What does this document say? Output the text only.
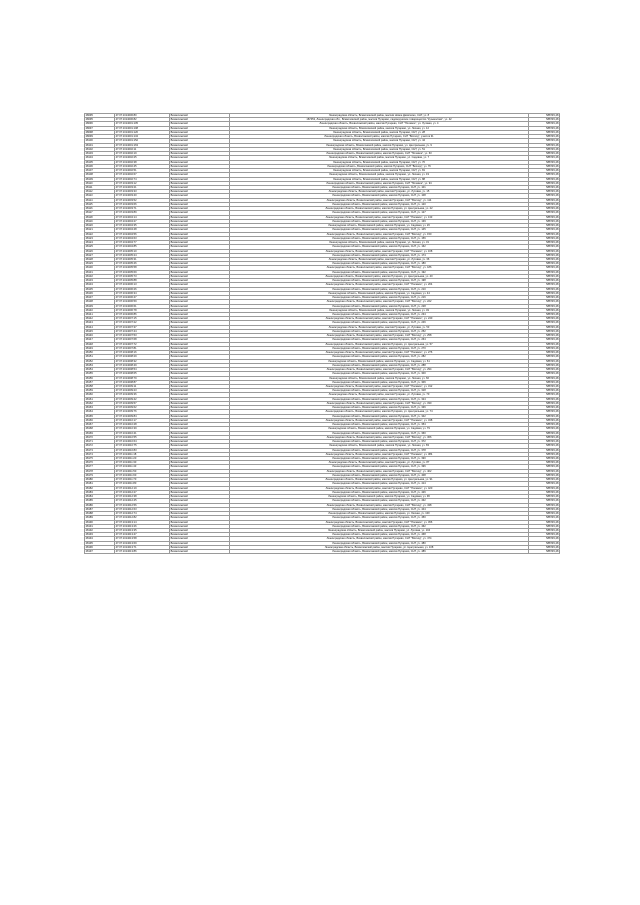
28095	47:07:1014006:80	Всеволожский	Ленинградская область, Всеволожский район, массив Новое Девяткино, СНТ, уч. 8	588745,48
28095	47:07:1014006:82	Всеволожский	187453, Ленинградская обл., Всеволожский район, массив Пугарево, садоводческое товарищество "Кузьмолово", уч. 42	588745,48
28096	47:07:1014001:105	Всеволожский	Ленинградская область, Всеволожский район, массив Пугарево, СНТ "Полевое", ул. Луговая, уч. 4	588745,48
28097	47:07:1014001:108	Всеволожский	Ленинградская область, Всеволожский район, массив Пугарево, ул. Лесная, уч. 12	588745,48
28098	47:07:1014001:120	Всеволожский	Ленинградская область, Всеволожский район, массив Пугарево, СНТ, уч. 28	588745,48
28099	47:07:1014001:134	Всеволожский	Ленинградская область, Всеволожский район, массив Пугарево, СНТ "Восход", участок 31	588745,48
28100	47:07:1014001:152	Всеволожский	Ленинградская область, Всеволожский район, массив Пугарево, СНТ, уч. 44	588745,48
28101	47:07:1014001:163	Всеволожский	Ленинградская область, Всеволожский район, массив Пугарево, ул. Центральная, уч. 9	588745,48
28102	47:07:1014002:11	Всеволожский	Ленинградская область, Всеволожский район, массив Пугарево, СНТ, уч. 51	588745,48
28103	47:07:1014002:19	Всеволожский	Ленинградская область, Всеволожский район, массив Пугарево, СНТ "Полевое", уч. 63	588745,48
28104	47:07:1014002:25	Всеволожский	Ленинградская область, Всеволожский район, массив Пугарево, ул. Садовая, уч. 7	588745,48
28105	47:07:1014002:38	Всеволожский	Ленинградская область, Всеволожский район, массив Пугарево, СНТ, уч. 70	588745,48
28106	47:07:1014002:45	Всеволожский	Ленинградская область, Всеволожский район, массив Пугарево, СНТ "Восход", уч. 76	588745,48
28107	47:07:1014002:51	Всеволожский	Ленинградская область, Всеволожский район, массив Пугарево, СНТ, уч. 81	588745,48
28108	47:07:1014002:67	Всеволожский	Ленинградская область, Всеволожский район, массив Пугарево, ул. Лесная, уч. 19	588745,48
28109	47:07:1014002:74	Всеволожский	Ленинградская область, Всеволожский район, массив Пугарево, СНТ, уч. 88	588745,48
28110	47:07:1014003:12	Всеволожский	Ленинградская область, Всеволожский район, массив Пугарево, СНТ "Полевое", уч. 94	588745,48
28111	47:07:1014003:21	Всеволожский	Ленинградская область, Всеволожский район, массив Пугарево, СНТ, уч. 101	588745,48
28112	47:07:1014003:33	Всеволожский	Ленинградская область, Всеволожский район, массив Пугарево, ул. Луговая, уч. 15	588745,48
28113	47:07:1014003:40	Всеволожский	Ленинградская область, Всеволожский район, массив Пугарево, СНТ, уч. 108	588745,48
28114	47:07:1014003:52	Всеволожский	Ленинградская область, Всеволожский район, массив Пугарево, СНТ "Восход", уч. 114	588745,48
28115	47:07:1014003:66	Всеволожский	Ленинградская область, Всеволожский район, массив Пугарево, СНТ, уч. 120	588745,48
28116	47:07:1014003:71	Всеволожский	Ленинградская область, Всеволожский район, массив Пугарево, ул. Центральная, уч. 22	588745,48
28117	47:07:1014003:89	Всеволожский	Ленинградская область, Всеволожский район, массив Пугарево, СНТ, уч. 127	588745,48
28118	47:07:1014004:14	Всеволожский	Ленинградская область, Всеволожский район, массив Пугарево, СНТ "Полевое", уч. 133	588745,48
28119	47:07:1014004:27	Всеволожский	Ленинградская область, Всеволожский район, массив Пугарево, СНТ, уч. 139	588745,48
28120	47:07:1014004:35	Всеволожский	Ленинградская область, Всеволожский район, массив Пугарево, ул. Садовая, уч. 26	588745,48
28121	47:07:1014004:48	Всеволожский	Ленинградская область, Всеволожский район, массив Пугарево, СНТ, уч. 145	588745,48
28122	47:07:1014004:56	Всеволожский	Ленинградская область, Всеволожский район, массив Пугарево, СНТ "Восход", уч. 150	588745,48
28123	47:07:1014004:63	Всеволожский	Ленинградская область, Всеволожский район, массив Пугарево, СНТ, уч. 156	588745,48
28124	47:07:1014004:77	Всеволожский	Ленинградская область, Всеволожский район, массив Пугарево, ул. Лесная, уч. 31	588745,48
28125	47:07:1014004:85	Всеволожский	Ленинградская область, Всеволожский район, массив Пугарево, СНТ, уч. 162	588745,48
28126	47:07:1014005:10	Всеволожский	Ленинградская область, Всеволожский район, массив Пугарево, СНТ "Полевое", уч. 168	588745,48
28127	47:07:1014005:24	Всеволожский	Ленинградская область, Всеволожский район, массив Пугарево, СНТ, уч. 174	588745,48
28128	47:07:1014005:31	Всеволожский	Ленинградская область, Всеволожский район, массив Пугарево, ул. Луговая, уч. 36	588745,48
28129	47:07:1014005:46	Всеволожский	Ленинградская область, Всеволожский район, массив Пугарево, СНТ, уч. 180	588745,48
28130	47:07:1014005:58	Всеволожский	Ленинградская область, Всеволожский район, массив Пугарево, СНТ "Восход", уч. 186	588745,48
28131	47:07:1014005:69	Всеволожский	Ленинградская область, Всеволожский район, массив Пугарево, СНТ, уч. 192	588745,48
28132	47:07:1014005:73	Всеволожский	Ленинградская область, Всеволожский район, массив Пугарево, ул. Центральная, уч. 40	588745,48
28133	47:07:1014005:88	Всеволожский	Ленинградская область, Всеволожский район, массив Пугарево, СНТ, уч. 198	588745,48
28134	47:07:1014006:13	Всеволожский	Ленинградская область, Всеволожский район, массив Пугарево, СНТ "Полевое", уч. 204	588745,48
28135	47:07:1014006:26	Всеволожский	Ленинградская область, Всеволожский район, массив Пугарево, СНТ, уч. 210	588745,48
28136	47:07:1014006:34	Всеволожский	Ленинградская область, Всеволожский район, массив Пугарево, ул. Садовая, уч. 44	588745,48
28137	47:07:1014006:47	Всеволожский	Ленинградская область, Всеволожский район, массив Пугарево, СНТ, уч. 216	588745,48
28138	47:07:1014006:59	Всеволожский	Ленинградская область, Всеволожский район, массив Пугарево, СНТ "Восход", уч. 222	588745,48
28139	47:07:1014006:61	Всеволожский	Ленинградская область, Всеволожский район, массив Пугарево, СНТ, уч. 228	588745,48
28140	47:07:1014006:78	Всеволожский	Ленинградская область, Всеволожский район, массив Пугарево, ул. Лесная, уч. 49	588745,48
28141	47:07:1014006:86	Всеволожский	Ленинградская область, Всеволожский район, массив Пугарево, СНТ, уч. 234	588745,48
28142	47:07:1014007:15	Всеволожский	Ленинградская область, Всеволожский район, массив Пугарево, СНТ "Полевое", уч. 240	588745,48
28143	47:07:1014007:22	Всеволожский	Ленинградская область, Всеволожский район, массив Пугарево, СНТ, уч. 246	588745,48
28144	47:07:1014007:37	Всеволожский	Ленинградская область, Всеволожский район, массив Пугарево, ул. Луговая, уч. 53	588745,48
28145	47:07:1014007:44	Всеволожский	Ленинградская область, Всеволожский район, массив Пугарево, СНТ, уч. 252	588745,48
28146	47:07:1014007:53	Всеволожский	Ленинградская область, Всеволожский район, массив Пугарево, СНТ "Восход", уч. 258	588745,48
28147	47:07:1014007:68	Всеволожский	Ленинградская область, Всеволожский район, массив Пугарево, СНТ, уч. 264	588745,48
28148	47:07:1014007:72	Всеволожский	Ленинградская область, Всеволожский район, массив Пугарево, ул. Центральная, уч. 57	588745,48
28149	47:07:1014007:81	Всеволожский	Ленинградская область, Всеволожский район, массив Пугарево, СНТ, уч. 270	588745,48
28150	47:07:1014008:16	Всеволожский	Ленинградская область, Всеволожский район, массив Пугарево, СНТ "Полевое", уч. 276	588745,48
28151	47:07:1014008:29	Всеволожский	Ленинградская область, Всеволожский район, массив Пугарево, СНТ, уч. 282	588745,48
28152	47:07:1014008:32	Всеволожский	Ленинградская область, Всеволожский район, массив Пугарево, ул. Садовая, уч. 61	588745,48
28153	47:07:1014008:49	Всеволожский	Ленинградская область, Всеволожский район, массив Пугарево, СНТ, уч. 288	588745,48
28154	47:07:1014008:54	Всеволожский	Ленинградская область, Всеволожский район, массив Пугарево, СНТ "Восход", уч. 294	588745,48
28155	47:07:1014008:65	Всеволожский	Ленинградская область, Всеволожский район, массив Пугарево, СНТ, уч. 300	588745,48
28156	47:07:1014008:79	Всеволожский	Ленинградская область, Всеволожский район, массив Пугарево, ул. Лесная, уч. 66	588745,48
28157	47:07:1014008:87	Всеволожский	Ленинградская область, Всеволожский район, массив Пугарево, СНТ, уч. 306	588745,48
28158	47:07:1014009:11	Всеволожский	Ленинградская область, Всеволожский район, массив Пугарево, СНТ "Полевое", уч. 312	588745,48
28159	47:07:1014009:23	Всеволожский	Ленинградская область, Всеволожский район, массив Пугарево, СНТ, уч. 318	588745,48
28160	47:07:1014009:36	Всеволожский	Ленинградская область, Всеволожский район, массив Пугарево, ул. Луговая, уч. 70	588745,48
28161	47:07:1014009:42	Всеволожский	Ленинградская область, Всеволожский район, массив Пугарево, СНТ, уч. 324	588745,48
28162	47:07:1014009:57	Всеволожский	Ленинградская область, Всеволожский район, массив Пугарево, СНТ "Восход", уч. 330	588745,48
28163	47:07:1014009:62	Всеволожский	Ленинградская область, Всеволожский район, массив Пугарево, СНТ, уч. 336	588745,48
28164	47:07:1014009:76	Всеволожский	Ленинградская область, Всеволожский район, массив Пугарево, ул. Центральная, уч. 74	588745,48
28165	47:07:1014009:84	Всеволожский	Ленинградская область, Всеволожский район, массив Пугарево, СНТ, уч. 342	588745,48
28166	47:07:1014010:17	Всеволожский	Ленинградская область, Всеволожский район, массив Пугарево, СНТ "Полевое", уч. 348	588745,48
28167	47:07:1014010:28	Всеволожский	Ленинградская область, Всеволожский район, массив Пугарево, СНТ, уч. 354	588745,48
28168	47:07:1014010:39	Всеволожский	Ленинградская область, Всеволожский район, массив Пугарево, ул. Садовая, уч. 79	588745,48
28169	47:07:1014010:41	Всеволожский	Ленинградская область, Всеволожский район, массив Пугарево, СНТ, уч. 360	588745,48
28170	47:07:1014010:55	Всеволожский	Ленинградская область, Всеволожский район, массив Пугарево, СНТ "Восход", уч. 366	588745,48
28171	47:07:1014010:64	Всеволожский	Ленинградская область, Всеволожский район, массив Пугарево, СНТ, уч. 372	588745,48
28172	47:07:1014010:75	Всеволожский	Ленинградская область, Всеволожский район, массив Пугарево, ул. Лесная, уч. 83	588745,48
28173	47:07:1014010:83	Всеволожский	Ленинградская область, Всеволожский район, массив Пугарево, СНТ, уч. 378	588745,48
28174	47:07:1014011:18	Всеволожский	Ленинградская область, Всеволожский район, массив Пугарево, СНТ "Полевое", уч. 384	588745,48
28175	47:07:1014011:20	Всеволожский	Ленинградская область, Всеволожский район, массив Пугарево, СНТ, уч. 390	588745,48
28176	47:07:1014011:30	Всеволожский	Ленинградская область, Всеволожский район, массив Пугарево, ул. Луговая, уч. 87	588745,48
28177	47:07:1014011:43	Всеволожский	Ленинградская область, Всеволожский район, массив Пугарево, СНТ, уч. 396	588745,48
28178	47:07:1014011:50	Всеволожский	Ленинградская область, Всеволожский район, массив Пугарево, СНТ "Восход", уч. 402	588745,48
28179	47:07:1014011:60	Всеволожский	Ленинградская область, Всеволожский район, массив Пугарево, СНТ, уч. 408	588745,48
28180	47:07:1014011:70	Всеволожский	Ленинградская область, Всеволожский район, массив Пугарево, ул. Центральная, уч. 91	588745,48
28181	47:07:1014011:80	Всеволожский	Ленинградская область, Всеволожский район, массив Пугарево, СНТ, уч. 414	588745,48
28182	47:07:1014012:19	Всеволожский	Ленинградская область, Всеволожский район, массив Пугарево, СНТ "Полевое", уч. 420	588745,48
28183	47:07:1014012:27	Всеволожский	Ленинградская область, Всеволожский район, массив Пугарево, СНТ, уч. 426	588745,48
28184	47:07:1014012:38	Всеволожский	Ленинградская область, Всеволожский район, массив Пугарево, ул. Садовая, уч. 96	588745,48
28185	47:07:1014012:45	Всеволожский	Ленинградская область, Всеволожский район, массив Пугарево, СНТ, уч. 432	588745,48
28186	47:07:1014012:56	Всеволожский	Ленинградская область, Всеволожский район, массив Пугарево, СНТ "Восход", уч. 438	588745,48
28187	47:07:1014012:63	Всеволожский	Ленинградская область, Всеволожский район, массив Пугарево, СНТ, уч. 444	588745,48
28188	47:07:1014012:74	Всеволожский	Ленинградская область, Всеволожский район, массив Пугарево, ул. Лесная, уч. 100	588745,48
28189	47:07:1014012:82	Всеволожский	Ленинградская область, Всеволожский район, массив Пугарево, СНТ, уч. 450	588745,48
28190	47:07:1014013:14	Всеволожский	Ленинградская область, Всеволожский район, массив Пугарево, СНТ "Полевое", уч. 456	588745,48
28191	47:07:1014013:26	Всеволожский	Ленинградская область, Всеволожский район, массив Пугарево, СНТ, уч. 462	588745,48
28192	47:07:1014013:35	Всеволожский	Ленинградская область, Всеволожский район, массив Пугарево, ул. Луговая, уч. 104	588745,48
28193	47:07:1014013:47	Всеволожский	Ленинградская область, Всеволожский район, массив Пугарево, СНТ, уч. 468	588745,48
28194	47:07:1014013:58	Всеволожский	Ленинградская область, Всеволожский район, массив Пугарево, СНТ "Восход", уч. 474	588745,48
28195	47:07:1014013:69	Всеволожский	Ленинградская область, Всеволожский район, массив Пугарево, СНТ, уч. 480	588745,48
28196	47:07:1014013:71	Всеволожский	Ленинградская область, Всеволожский район, массив Пугарево, ул. Центральная, уч. 108	588745,48
28197	47:07:1014013:86	Всеволожский	Ленинградская область, Всеволожский район, массив Пугарево, СНТ, уч. 486	588745,48
